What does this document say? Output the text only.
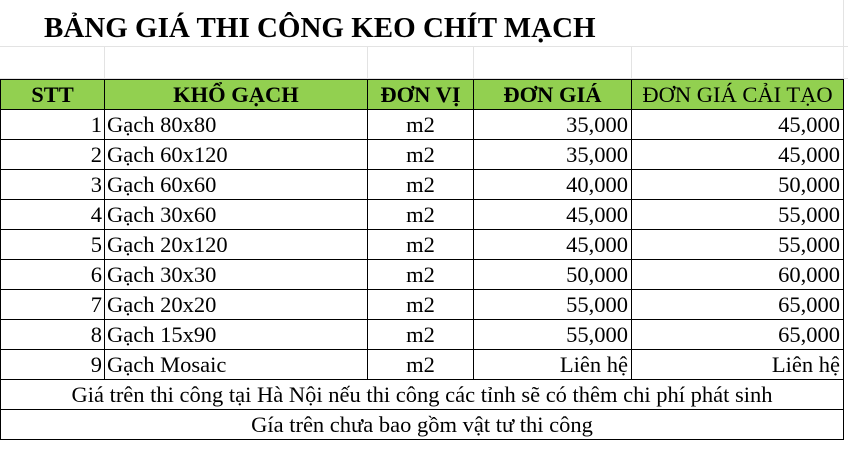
BẢNG GIÁ THI CÔNG KEO CHÍT MẠCH
STT	KHỔ GẠCH	ĐƠN VỊ	ĐƠN GIÁ	ĐƠN GIÁ CẢI TẠO
1	Gạch 80x80	m2	35,000	45,000
2	Gạch 60x120	m2	35,000	45,000
3	Gạch 60x60	m2	40,000	50,000
4	Gạch 30x60	m2	45,000	55,000
5	Gạch 20x120	m2	45,000	55,000
6	Gạch 30x30	m2	50,000	60,000
7	Gạch 20x20	m2	55,000	65,000
8	Gạch 15x90	m2	55,000	65,000
9	Gạch Mosaic	m2	Liên hệ	Liên hệ
Giá trên thi công tại Hà Nội nếu thi công các tỉnh sẽ có thêm chi phí phát sinh				
Gía trên chưa bao gồm vật tư thi công				
